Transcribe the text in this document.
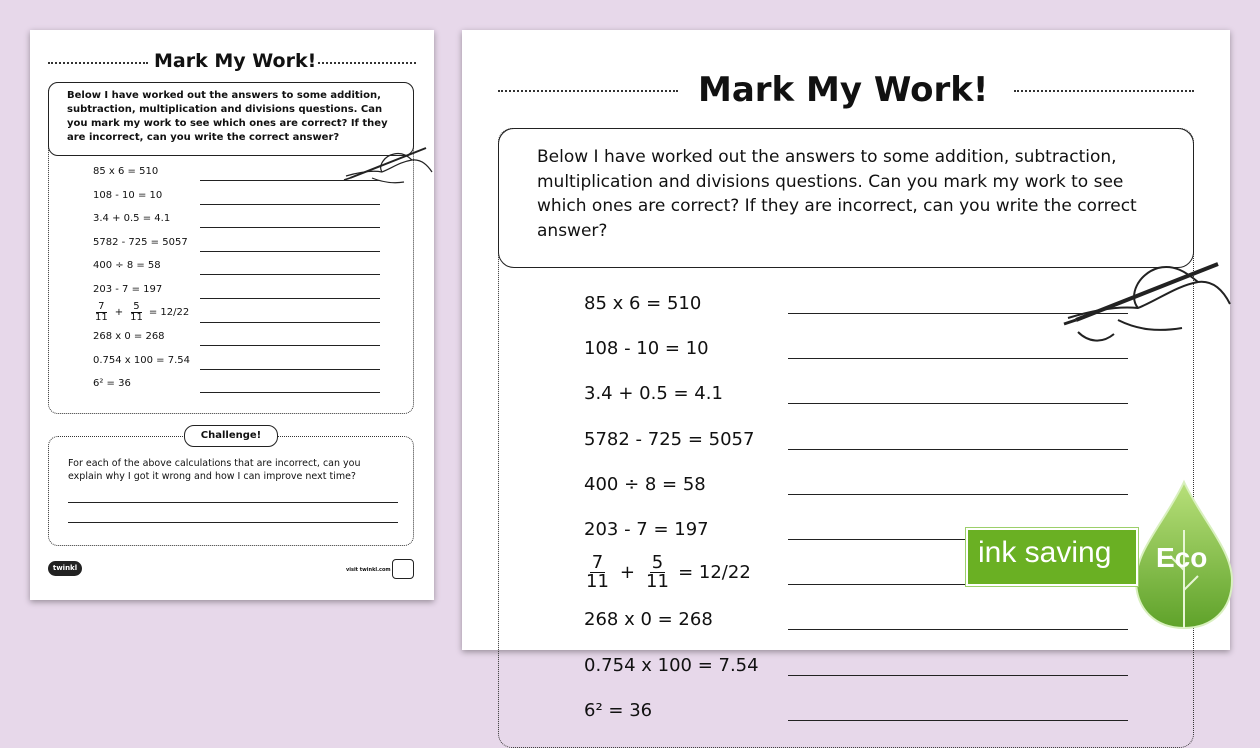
Mark My Work!
Below I have worked out the answers to some addition, subtraction, multiplication and divisions questions. Can you mark my work to see which ones are correct? If they are incorrect, can you write the correct answer?
Challenge!
For each of the above calculations that are incorrect, can you explain why I got it wrong and how I can improve next time?
twinkl	visit twinkl.com
85 x 6 = 510
108 - 10 = 10
3.4 + 0.5 = 4.1
5782 - 725 = 5057
400 ÷ 8 = 58
203 - 7 = 197
$\frac{7}{11} + \frac{5}{11} = 12/22$
268 x 0 = 268
0.754 x 100 = 7.54
6² = 36
Mark My Work!
Below I have worked out the answers to some addition, subtraction, multiplication and divisions questions. Can you mark my work to see which ones are correct? If they are incorrect, can you write the correct answer?
85 x 6 = 510
108 - 10 = 10
3.4 + 0.5 = 4.1
5782 - 725 = 5057
400 ÷ 8 = 58
203 - 7 = 197
$\frac{7}{11} + \frac{5}{11} = 12/22$
268 x 0 = 268
0.754 x 100 = 7.54
6² = 36
ink saving Eco
